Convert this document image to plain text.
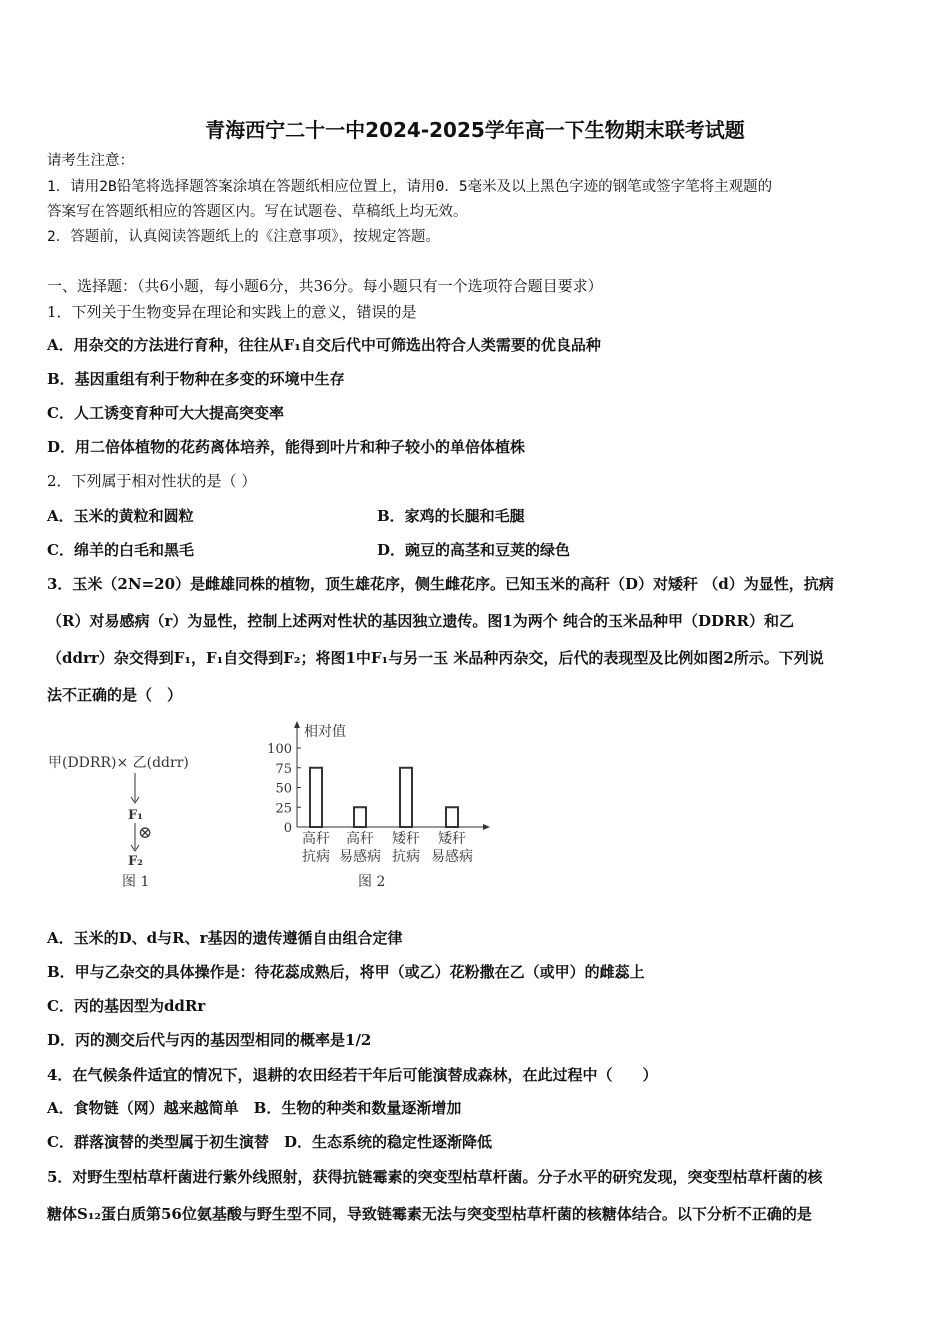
青海西宁二十一中2024-2025学年高一下生物期末联考试题
请考生注意：
1．请用2B铅笔将选择题答案涂填在答题纸相应位置上，请用0．5毫米及以上黑色字迹的钢笔或签字笔将主观题的
答案写在答题纸相应的答题区内。写在试题卷、草稿纸上均无效。
2．答题前，认真阅读答题纸上的《注意事项》，按规定答题。
一、选择题：（共6小题，每小题6分，共36分。每小题只有一个选项符合题目要求）
1．下列关于生物变异在理论和实践上的意义，错误的是
A．用杂交的方法进行育种，往往从F₁自交后代中可筛选出符合人类需要的优良品种
B．基因重组有利于物种在多变的环境中生存
C．人工诱变育种可大大提高突变率
D．用二倍体植物的花药离体培养，能得到叶片和种子较小的单倍体植株
2．下列属于相对性状的是（ ）
A．玉米的黄粒和圆粒	B．家鸡的长腿和毛腿
C．绵羊的白毛和黑毛	D．豌豆的高茎和豆荚的绿色
3．玉米（2N=20）是雌雄同株的植物，顶生雄花序，侧生雌花序。已知玉米的高秆（D）对矮秆 （d）为显性，抗病
（R）对易感病（r）为显性，控制上述两对性状的基因独立遗传。图1为两个 纯合的玉米品种甲（DDRR）和乙
（ddrr）杂交得到F₁，F₁自交得到F₂；将图1中F₁与另一玉 米品种丙杂交，后代的表现型及比例如图2所示。下列说
法不正确的是（　）
甲(DDRR)× 乙(ddrr)
F₁
⊗
F₂
图 1
相对值
图 2
100
75
50
25
0
高秆
抗病
高秆
易感病
矮秆
抗病
矮秆
易感病
A．玉米的D、d与R、r基因的遗传遵循自由组合定律
B．甲与乙杂交的具体操作是：待花蕊成熟后，将甲（或乙）花粉撒在乙（或甲）的雌蕊上
C．丙的基因型为ddRr
D．丙的测交后代与丙的基因型相同的概率是1/2
4．在气候条件适宜的情况下，退耕的农田经若干年后可能演替成森林，在此过程中（　　）
A．食物链（网）越来越简单　B．生物的种类和数量逐渐增加
C．群落演替的类型属于初生演替　D．生态系统的稳定性逐渐降低
5．对野生型枯草杆菌进行紫外线照射，获得抗链霉素的突变型枯草杆菌。分子水平的研究发现，突变型枯草杆菌的核
糖体S₁₂蛋白质第56位氨基酸与野生型不同，导致链霉素无法与突变型枯草杆菌的核糖体结合。以下分析不正确的是
